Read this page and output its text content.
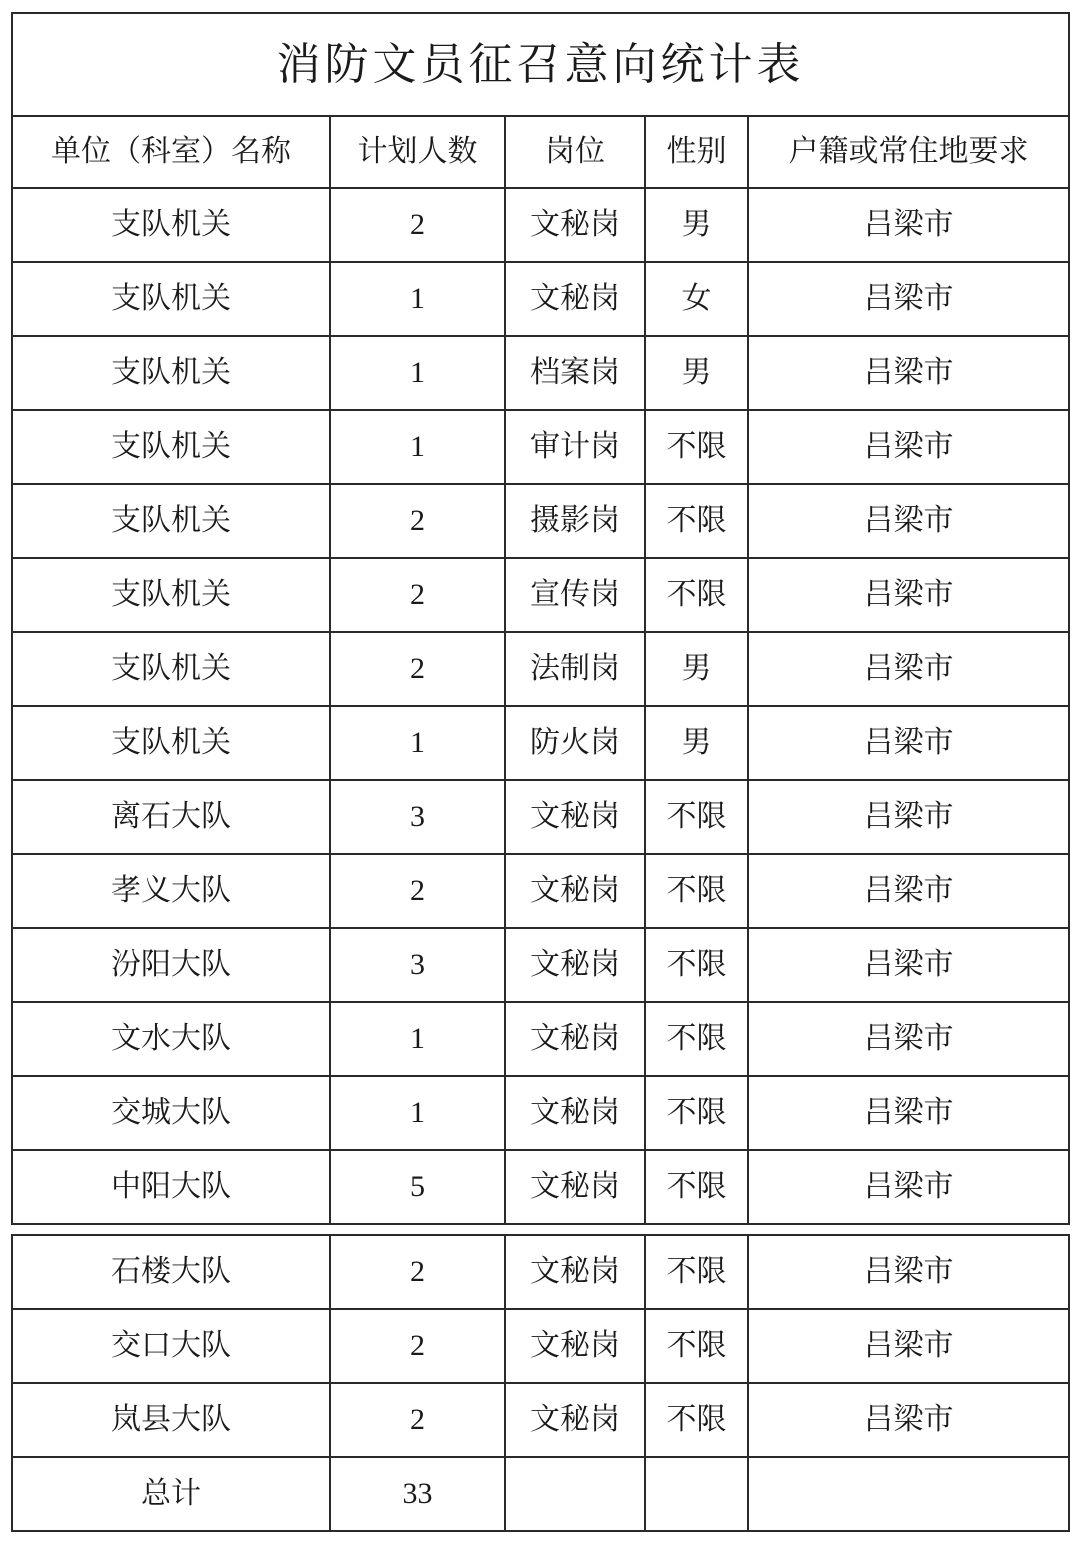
消防文员征召意向统计表				
单位（科室）名称	计划人数	岗位	性别	户籍或常住地要求
支队机关	2	文秘岗	男	吕梁市
支队机关	1	文秘岗	女	吕梁市
支队机关	1	档案岗	男	吕梁市
支队机关	1	审计岗	不限	吕梁市
支队机关	2	摄影岗	不限	吕梁市
支队机关	2	宣传岗	不限	吕梁市
支队机关	2	法制岗	男	吕梁市
支队机关	1	防火岗	男	吕梁市
离石大队	3	文秘岗	不限	吕梁市
孝义大队	2	文秘岗	不限	吕梁市
汾阳大队	3	文秘岗	不限	吕梁市
文水大队	1	文秘岗	不限	吕梁市
交城大队	1	文秘岗	不限	吕梁市
中阳大队	5	文秘岗	不限	吕梁市
石楼大队	2	文秘岗	不限	吕梁市
交口大队	2	文秘岗	不限	吕梁市
岚县大队	2	文秘岗	不限	吕梁市
总计	33			
